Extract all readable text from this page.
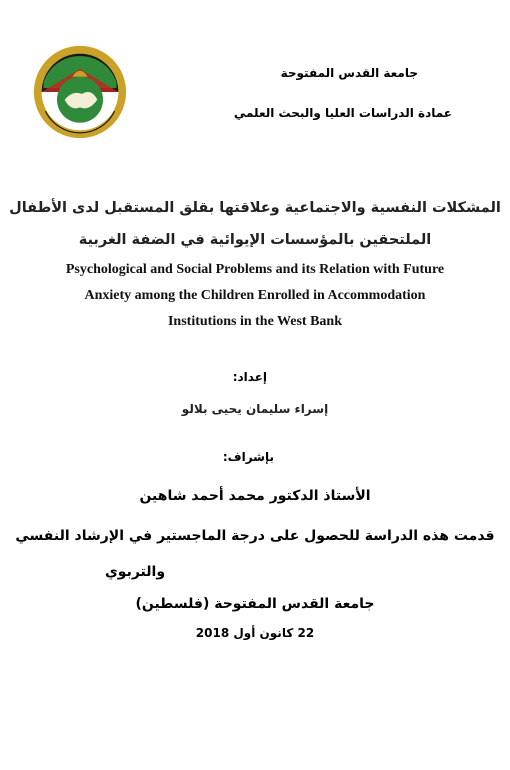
جامعة القدس المفتوحة
عمادة الدراسات العليا والبحث العلمي
المشكلات النفسية والاجتماعية وعلاقتها بقلق المستقبل لدى الأطفال
الملتحقين بالمؤسسات الإيوائية في الضفة الغربية
Psychological and Social Problems and its Relation with Future
Anxiety among the Children Enrolled in Accommodation
Institutions in the West Bank
إعداد:
إسراء سليمان يحيى بلالو
بإشراف:
الأستاذ الدكتور محمد أحمد شاهين
قدمت هذه الدراسة للحصول على درجة الماجستير في الإرشاد النفسي
والتربوي
جامعة القدس المفتوحة (فلسطين)
22 كانون أول 2018
